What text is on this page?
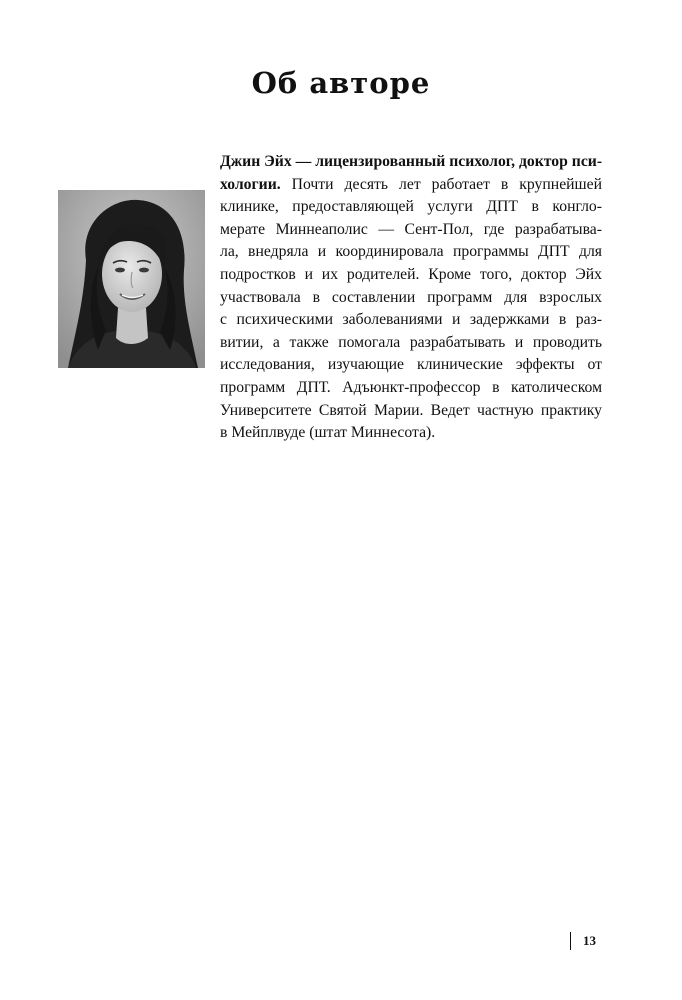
Об авторе
Джин Эйх — лицензированный психолог, доктор пси-
хологии. Почти десять лет работает в крупнейшей
клинике, предоставляющей услуги ДПТ в конгло-
мерате Миннеаполис — Сент-Пол, где разрабатыва-
ла, внедряла и координировала программы ДПТ для
подростков и их родителей. Кроме того, доктор Эйх
участвовала в составлении программ для взрослых
с психическими заболеваниями и задержками в раз-
витии, а также помогала разрабатывать и проводить
исследования, изучающие клинические эффекты от
программ ДПТ. Адъюнкт-профессор в католическом
Университете Святой Марии. Ведет частную практику
в Мейплвуде (штат Миннесота).
13
